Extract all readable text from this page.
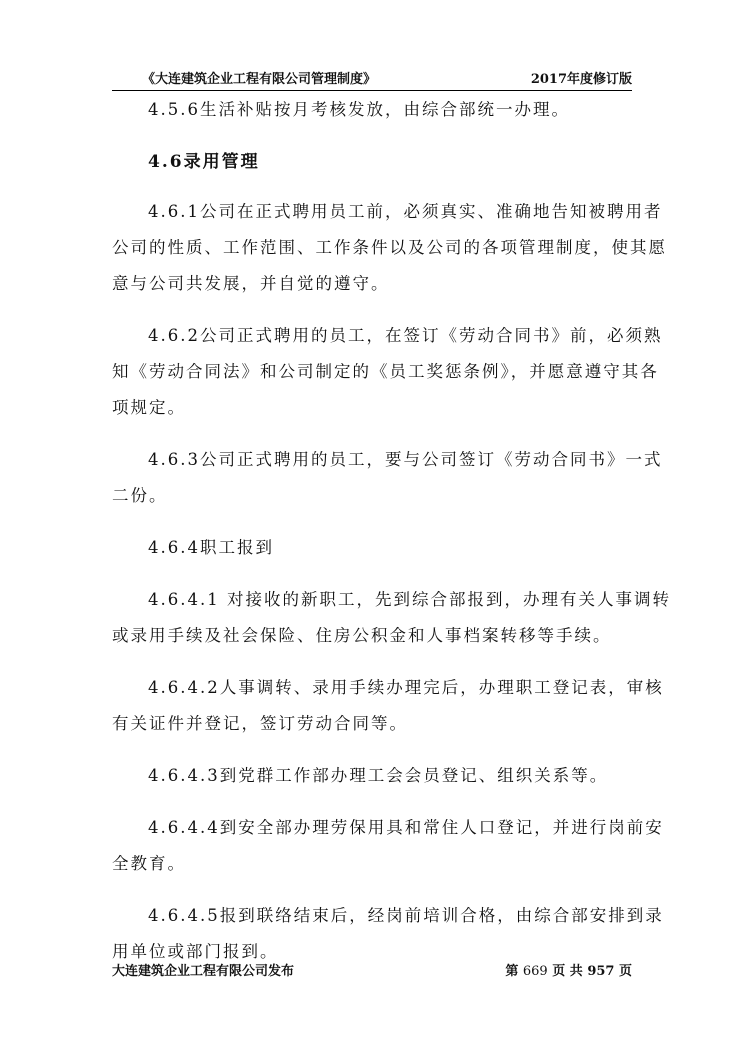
《大连建筑企业工程有限公司管理制度》	2017年度修订版

4.5.6生活补贴按月考核发放，由综合部统一办理。

4.6录用管理

4.6.1公司在正式聘用员工前，必须真实、准确地告知被聘用者
公司的性质、工作范围、工作条件以及公司的各项管理制度，使其愿
意与公司共发展，并自觉的遵守。

4.6.2公司正式聘用的员工，在签订《劳动合同书》前，必须熟
知《劳动合同法》和公司制定的《员工奖惩条例》，并愿意遵守其各
项规定。

4.6.3公司正式聘用的员工，要与公司签订《劳动合同书》一式
二份。

4.6.4职工报到

4.6.4.1 对接收的新职工，先到综合部报到，办理有关人事调转
或录用手续及社会保险、住房公积金和人事档案转移等手续。

4.6.4.2人事调转、录用手续办理完后，办理职工登记表，审核
有关证件并登记，签订劳动合同等。

4.6.4.3到党群工作部办理工会会员登记、组织关系等。

4.6.4.4到安全部办理劳保用具和常住人口登记，并进行岗前安
全教育。

4.6.4.5报到联络结束后，经岗前培训合格，由综合部安排到录
用单位或部门报到。

大连建筑企业工程有限公司发布	第 669 页 共 957 页
